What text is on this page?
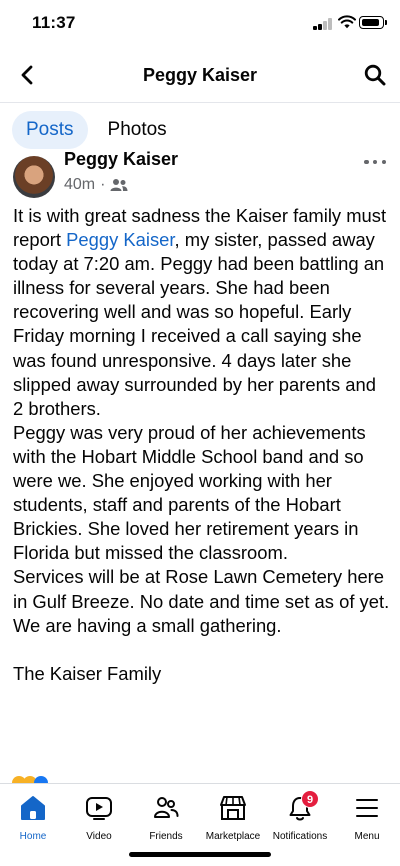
11:37
Peggy Kaiser
Posts	Photos
Peggy Kaiser
40m ·

It is with great sadness the Kaiser family must report Peggy Kaiser, my sister, passed away today at 7:20 am. Peggy had been battling an illness for several years. She had been recovering well and was so hopeful. Early Friday morning I received a call saying she was found unresponsive. 4 days later she slipped away surrounded by her parents and 2 brothers.

Peggy was very proud of her achievements with the Hobart Middle School band and so were we. She enjoyed working with her students, staff and parents of the Hobart Brickies. She loved her retirement years in Florida but missed the classroom.

Services will be at Rose Lawn Cemetery here in Gulf Breeze. No date and time set as of yet. We are having a small gathering.

The Kaiser Family

Home	Video	Friends	Marketplace
9
Notifications	Menu
